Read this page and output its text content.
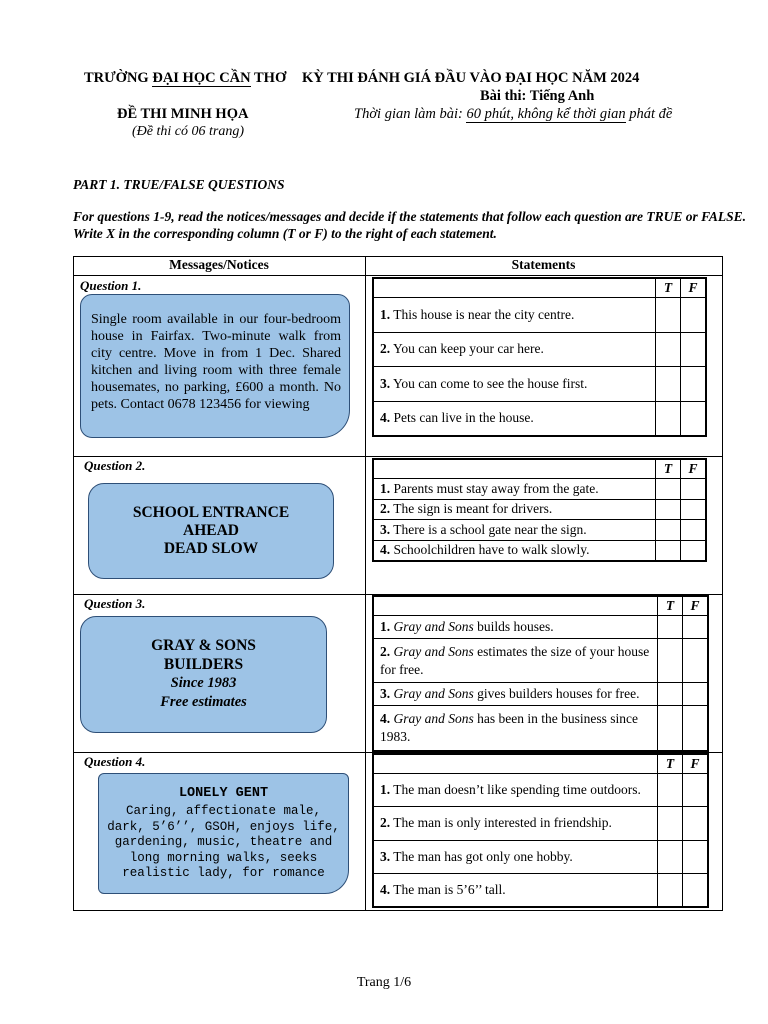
TRƯỜNG ĐẠI HỌC CẦN THƠ KỲ THI ĐÁNH GIÁ ĐẦU VÀO ĐẠI HỌC NĂM 2024
Bài thi: Tiếng Anh
ĐỀ THI MINH HỌA	Thời gian làm bài: 60 phút, không kể thời gian phát đề
(Đề thi có 06 trang)
PART 1. TRUE/FALSE QUESTIONS
For questions 1-9, read the notices/messages and decide if the statements that follow each question are TRUE or FALSE. Write X in the corresponding column (T or F) to the right of each statement.
Messages/Notices	Statements
Question 1.
Single room available in our four-bedroom house in Fairfax. Two-minute walk from city centre. Move in from 1 Dec. Shared kitchen and living room with three female housemates, no parking, £600 a month. No pets. Contact 0678 123456 for viewing
	T	F
1. This house is near the city centre.		
2. You can keep your car here.		
3. You can come to see the house first.		
4. Pets can live in the house.		
Question 2.
SCHOOL ENTRANCE
AHEAD
DEAD SLOW
	T	F
1. Parents must stay away from the gate.		
2. The sign is meant for drivers.		
3. There is a school gate near the sign.		
4. Schoolchildren have to walk slowly.		
Question 3.
GRAY & SONS
BUILDERS
Since 1983
Free estimates
	T	F
1. Gray and Sons builds houses.		
2. Gray and Sons estimates the size of your house for free.		
3. Gray and Sons gives builders houses for free.		
4. Gray and Sons has been in the business since 1983.		
Question 4.
LONELY GENT
Caring, affectionate male, dark, 5’6’’, GSOH, enjoys life, gardening, music, theatre and long morning walks, seeks realistic lady, for romance
	T	F
1. The man doesn’t like spending time outdoors.		
2. The man is only interested in friendship.		
3. The man has got only one hobby.		
4. The man is 5’6’’ tall.		
Trang 1/6
